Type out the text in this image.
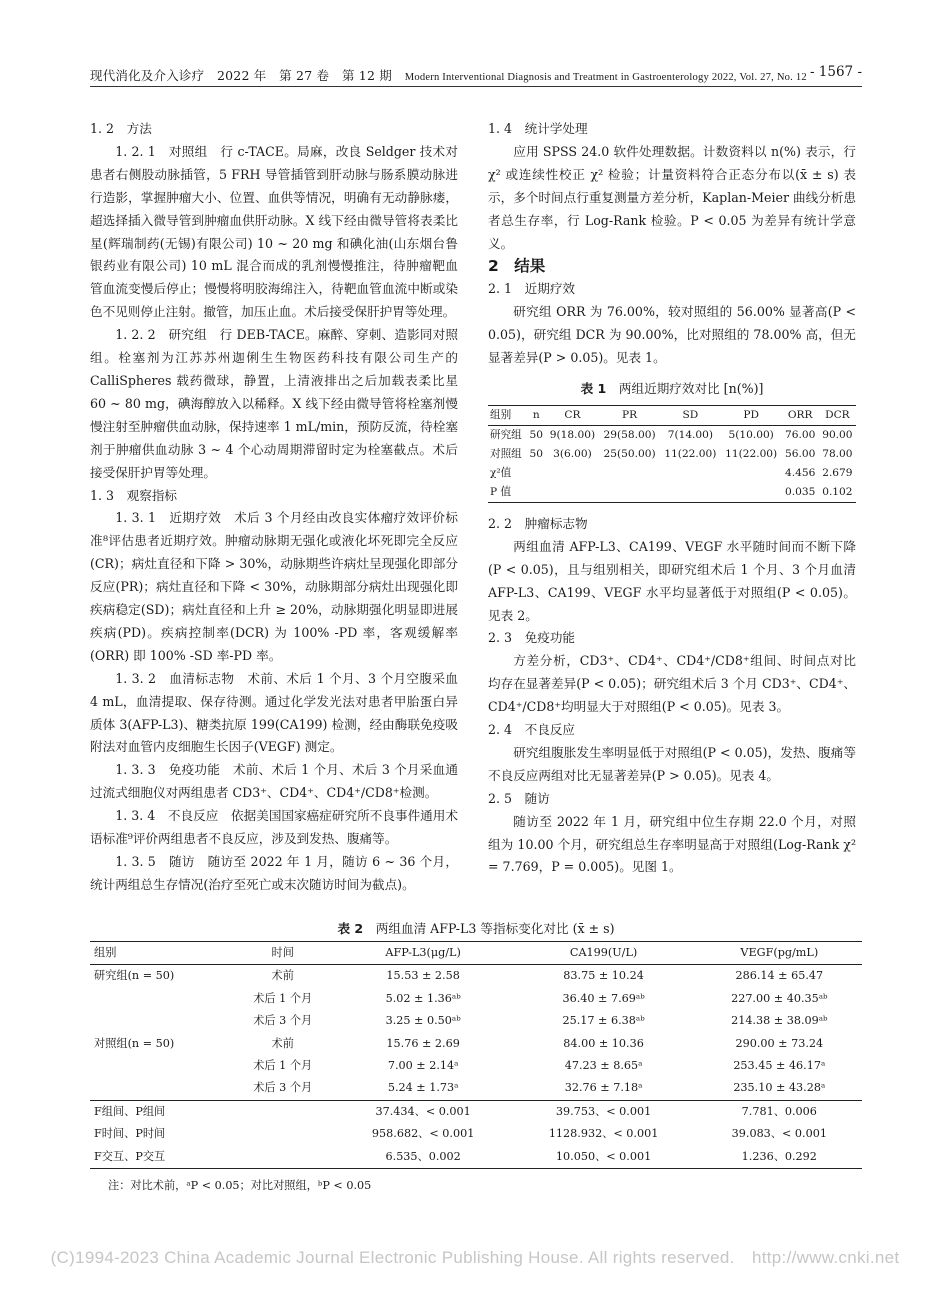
现代消化及介入诊疗　2022 年　第 27 卷　第 12 期　 Modern Interventional Diagnosis and Treatment in Gastroenterology 2022, Vol. 27, No. 12 - 1567 -

1. 2　方法

1. 2. 1　对照组　行 c-TACE。局麻，改良 Seldger 技术对患者右侧股动脉插管，5 FRH 导管插管到肝动脉与肠系膜动脉进行造影，掌握肿瘤大小、位置、血供等情况，明确有无动静脉瘘，超选择插入微导管到肿瘤血供肝动脉。X 线下经由微导管将表柔比星(辉瑞制药(无锡)有限公司) 10 ~ 20 mg 和碘化油(山东烟台鲁银药业有限公司) 10 mL 混合而成的乳剂慢慢推注，待肿瘤靶血管血流变慢后停止；慢慢将明胶海绵注入，待靶血管血流中断或染色不见则停止注射。撤管，加压止血。术后接受保肝护胃等处理。

1. 2. 2　研究组　行 DEB-TACE。麻醉、穿刺、造影同对照组。栓塞剂为江苏苏州迦俐生生物医药科技有限公司生产的 CalliSpheres 载药微球，静置，上清液排出之后加载表柔比星 60 ~ 80 mg，碘海醇放入以稀释。X 线下经由微导管将栓塞剂慢慢注射至肿瘤供血动脉，保持速率 1 mL/min，预防反流，待栓塞剂于肿瘤供血动脉 3 ~ 4 个心动周期滞留时定为栓塞截点。术后接受保肝护胃等处理。

1. 3　观察指标

1. 3. 1　近期疗效　术后 3 个月经由改良实体瘤疗效评价标准⁸评估患者近期疗效。肿瘤动脉期无强化或液化坏死即完全反应(CR)；病灶直径和下降 > 30%，动脉期些许病灶呈现强化即部分反应(PR)；病灶直径和下降 < 30%，动脉期部分病灶出现强化即疾病稳定(SD)；病灶直径和上升 ≥ 20%，动脉期强化明显即进展疾病(PD)。疾病控制率(DCR) 为 100% -PD 率，客观缓解率(ORR) 即 100% -SD 率-PD 率。

1. 3. 2　血清标志物　术前、术后 1 个月、3 个月空腹采血 4 mL，血清提取、保存待测。通过化学发光法对患者甲胎蛋白异质体 3(AFP-L3)、糖类抗原 199(CA199) 检测，经由酶联免疫吸附法对血管内皮细胞生长因子(VEGF) 测定。

1. 3. 3　免疫功能　术前、术后 1 个月、术后 3 个月采血通过流式细胞仪对两组患者 CD3⁺、CD4⁺、CD4⁺/CD8⁺检测。

1. 3. 4　不良反应　依据美国国家癌症研究所不良事件通用术语标准⁹评价两组患者不良反应，涉及到发热、腹痛等。

1. 3. 5　随访　随访至 2022 年 1 月，随访 6 ~ 36 个月，统计两组总生存情况(治疗至死亡或末次随访时间为截点)。

1. 4　统计学处理

应用 SPSS 24.0 软件处理数据。计数资料以 n(%) 表示，行 χ² 或连续性校正 χ² 检验；计量资料符合正态分布以(x̄ ± s) 表示，多个时间点行重复测量方差分析，Kaplan-Meier 曲线分析患者总生存率，行 Log-Rank 检验。P < 0.05 为差异有统计学意义。

2　结果

2. 1　近期疗效

研究组 ORR 为 76.00%，较对照组的 56.00% 显著高(P < 0.05)，研究组 DCR 为 90.00%，比对照组的 78.00% 高，但无显著差异(P > 0.05)。见表 1。

表 1　两组近期疗效对比 [n(%)]
组别	n	CR	PR	SD	PD	ORR	DCR
研究组	50	9(18.00)	29(58.00)	7(14.00)	5(10.00)	76.00	90.00
对照组	50	3(6.00)	25(50.00)	11(22.00)	11(22.00)	56.00	78.00
χ²值						4.456	2.679
P 值						0.035	0.102

2. 2　肿瘤标志物

两组血清 AFP-L3、CA199、VEGF 水平随时间而不断下降(P < 0.05)，且与组别相关，即研究组术后 1 个月、3 个月血清 AFP-L3、CA199、VEGF 水平均显著低于对照组(P < 0.05)。见表 2。

2. 3　免疫功能

方差分析，CD3⁺、CD4⁺、CD4⁺/CD8⁺组间、时间点对比均存在显著差异(P < 0.05)；研究组术后 3 个月 CD3⁺、CD4⁺、CD4⁺/CD8⁺均明显大于对照组(P < 0.05)。见表 3。

2. 4　不良反应

研究组腹胀发生率明显低于对照组(P < 0.05)，发热、腹痛等不良反应两组对比无显著差异(P > 0.05)。见表 4。

2. 5　随访

随访至 2022 年 1 月，研究组中位生存期 22.0 个月，对照组为 10.00 个月，研究组总生存率明显高于对照组(Log-Rank χ² = 7.769，P = 0.005)。见图 1。

表 2　两组血清 AFP-L3 等指标变化对比 (x̄ ± s)
组别	时间	AFP-L3(μg/L)	CA199(U/L)	VEGF(pg/mL)
研究组(n = 50)	术前	15.53 ± 2.58	83.75 ± 10.24	286.14 ± 65.47
	术后 1 个月	5.02 ± 1.36ᵃᵇ	36.40 ± 7.69ᵃᵇ	227.00 ± 40.35ᵃᵇ
	术后 3 个月	3.25 ± 0.50ᵃᵇ	25.17 ± 6.38ᵃᵇ	214.38 ± 38.09ᵃᵇ
对照组(n = 50)	术前	15.76 ± 2.69	84.00 ± 10.36	290.00 ± 73.24
	术后 1 个月	7.00 ± 2.14ᵃ	47.23 ± 8.65ᵃ	253.45 ± 46.17ᵃ
	术后 3 个月	5.24 ± 1.73ᵃ	32.76 ± 7.18ᵃ	235.10 ± 43.28ᵃ
F组间、P组间		37.434、< 0.001	39.753、< 0.001	7.781、0.006
F时间、P时间		958.682、< 0.001	1128.932、< 0.001	39.083、< 0.001
F交互、P交互		6.535、0.002	10.050、< 0.001	1.236、0.292
注：对比术前，ᵃP < 0.05；对比对照组，ᵇP < 0.05
(C)1994-2023 China Academic Journal Electronic Publishing House. All rights reserved.　http://www.cnki.net
